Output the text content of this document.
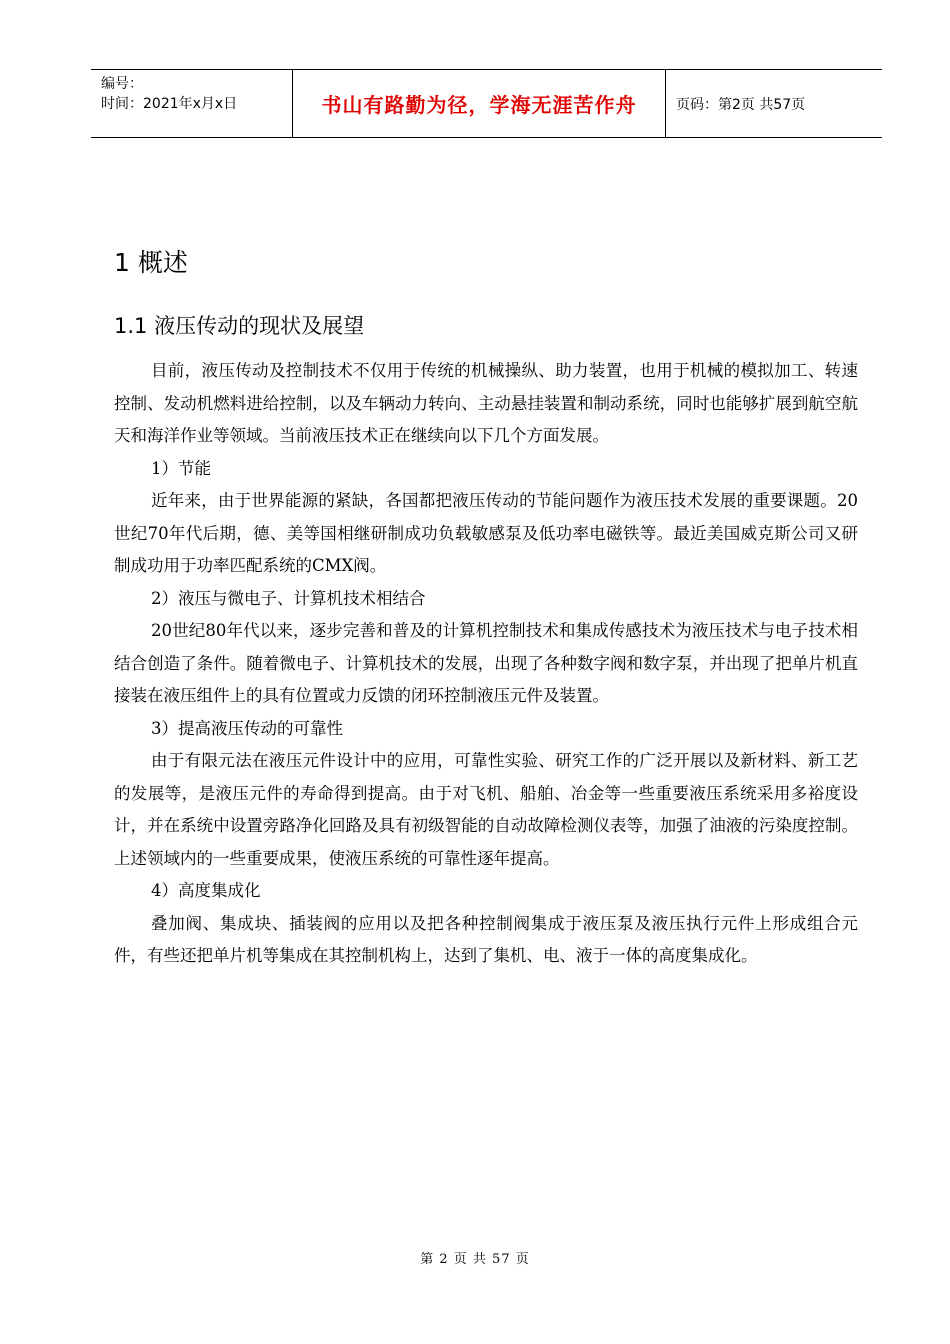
编号：
时间：2021年x月x日	书山有路勤为径，学海无涯苦作舟	页码：第2页 共57页
1 概述
1.1 液压传动的现状及展望

目前，液压传动及控制技术不仅用于传统的机械操纵、助力装置，也用于机械的模拟加工、转速控制、发动机燃料进给控制，以及车辆动力转向、主动悬挂装置和制动系统，同时也能够扩展到航空航天和海洋作业等领域。当前液压技术正在继续向以下几个方面发展。

1）节能

近年来，由于世界能源的紧缺，各国都把液压传动的节能问题作为液压技术发展的重要课题。20世纪70年代后期，德、美等国相继研制成功负载敏感泵及低功率电磁铁等。最近美国威克斯公司又研制成功用于功率匹配系统的CMX阀。

2）液压与微电子、计算机技术相结合

20世纪80年代以来，逐步完善和普及的计算机控制技术和集成传感技术为液压技术与电子技术相结合创造了条件。随着微电子、计算机技术的发展，出现了各种数字阀和数字泵，并出现了把单片机直接装在液压组件上的具有位置或力反馈的闭环控制液压元件及装置。

3）提高液压传动的可靠性

由于有限元法在液压元件设计中的应用，可靠性实验、研究工作的广泛开展以及新材料、新工艺的发展等，是液压元件的寿命得到提高。由于对飞机、船舶、冶金等一些重要液压系统采用多裕度设计，并在系统中设置旁路净化回路及具有初级智能的自动故障检测仪表等，加强了油液的污染度控制。上述领域内的一些重要成果，使液压系统的可靠性逐年提高。

4）高度集成化

叠加阀、集成块、插装阀的应用以及把各种控制阀集成于液压泵及液压执行元件上形成组合元件，有些还把单片机等集成在其控制机构上，达到了集机、电、液于一体的高度集成化。

第 2 页 共 57 页
